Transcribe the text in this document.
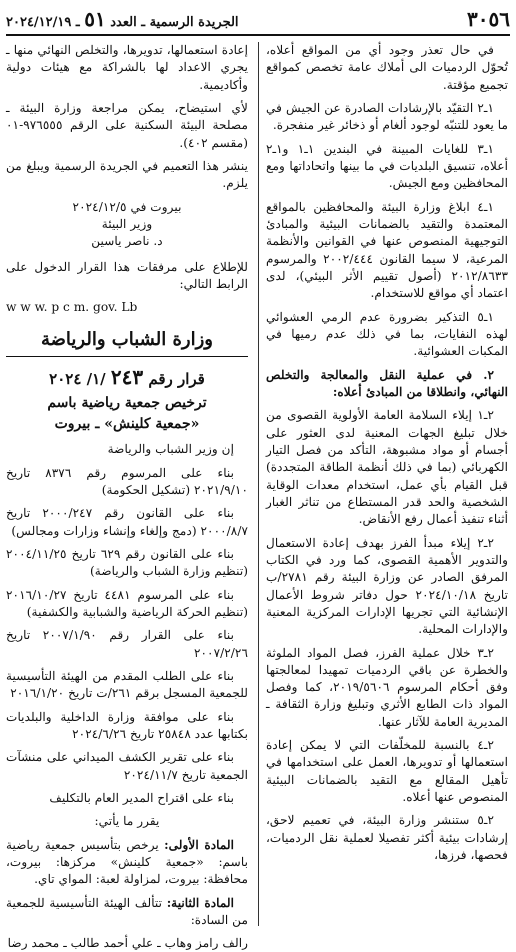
٣٠٥٦
الجريدة الرسمية ـ العدد ٥١ ـ ٢٠٢٤/١٢/١٩

في حال تعذر وجود أي من المواقع أعلاه، تُحوّل الردميات الى أملاك عامة تخصص كمواقع تجميع مؤقتة.

١ـ٢ التقيّد بالإرشادات الصادرة عن الجيش في ما يعود للتنبّه لوجود ألغام أو ذخائر غير منفجرة.

١ـ٣ للغايات المبينة في البندين ١ـ١ و١ـ٢ أعلاه، تنسيق البلديات في ما بينها واتحاداتها ومع المحافظين ومع الجيش.

١ـ٤ ابلاغ وزارة البيئة والمحافظين بالمواقع المعتمدة والتقيد بالضمانات البيئية والمبادئ التوجيهية المنصوص عنها في القوانين والأنظمة المرعية، لا سيما القانون ٢٠٠٢/٤٤٤ والمرسوم ٢٠١٢/٨٦٣٣ (أصول تقييم الأثر البيئي)، لدى اعتماد أي مواقع للاستخدام.

١ـ٥ التذكير بضرورة عدم الرمي العشوائي لهذه النفايات، بما في ذلك عدم رميها في المكبات العشوائية.

٢. في عملية النقل والمعالجة والتخلص النهائي، وانطلاقا من المبادئ أعلاه:

٢ـ١ إيلاء السلامة العامة الأولوية القصوى من خلال تبليغ الجهات المعنية لدى العثور على أجسام أو مواد مشبوهة، التأكد من فصل التيار الكهربائي (بما في ذلك أنظمة الطاقة المتجددة) قبل القيام بأي عمل، استخدام معدات الوقاية الشخصية والحد قدر المستطاع من تناثر الغبار أثناء تنفيذ أعمال رفع الأنقاض.

٢ـ٢ إيلاء مبدأ الفرز بهدف إعادة الاستعمال والتدوير الأهمية القصوى، كما ورد في الكتاب المرفق الصادر عن وزارة البيئة رقم ٢٧٨١/ب تاريخ ٢٠٢٤/١٠/١٨ حول دفاتر شروط الأعمال الإنشائية التي تجريها الإدارات المركزية المعنية والإدارات المحلية.

٢ـ٣ خلال عملية الفرز، فصل المواد الملوثة والخطرة عن باقي الردميات تمهيدا لمعالجتها وفق أحكام المرسوم ٢٠١٩/٥٦٠٦، كما وفصل المواد ذات الطابع الأثري وتبليغ وزارة الثقافة ـ المديرية العامة للآثار عنها.

٢ـ٤ بالنسبة للمخلّفات التي لا يمكن إعادة استعمالها أو تدويرها، العمل على استخدامها في تأهيل المقالع مع التقيد بالضمانات البيئية المنصوص عنها أعلاه.

٢ـ٥ ستنشر وزارة البيئة، في تعميم لاحق، إرشادات بيئية أكثر تفصيلا لعملية نقل الردميات، فحصها، فرزها،

إعادة استعمالها، تدويرها، والتخلص النهائي منها ـ يجري الاعداد لها بالشراكة مع هيئات دولية وأكاديمية.

لأي استيضاح، يمكن مراجعة وزارة البيئة ـ مصلحة البيئة السكنية على الرقم ٩٧٦٥٥٥-٠١ (مقسم ٤٠٢).

ينشر هذا التعميم في الجريدة الرسمية ويبلغ من يلزم.

بيروت في ٢٠٢٤/١٢/٥

وزير البيئة

د. ناصر ياسين

للإطلاع على مرفقات هذا القرار الدخول على الرابط التالي:

w w w. p c m. gov. Lb

وزارة الشباب والرياضة
قرار رقم ٢٤٣ /١/ ٢٠٢٤
ترخيص جمعية رياضية باسم
«جمعية كلينش» ـ بيروت

إن وزير الشباب والرياضة

بناء على المرسوم رقم ٨٣٧٦ تاريخ ٢٠٢١/٩/١٠ (تشكيل الحكومة)

بناء على القانون رقم ٢٠٠٠/٢٤٧ تاريخ ٢٠٠٠/٨/٧ (دمج وإلغاء وإنشاء وزارات ومجالس)

بناء على القانون رقم ٦٢٩ تاريخ ٢٠٠٤/١١/٢٥ (تنظيم وزارة الشباب والرياضة)

بناء على المرسوم ٤٤٨١ تاريخ ٢٠١٦/١٠/٢٧ (تنظيم الحركة الرياضية والشبابية والكشفية)

بناء على القرار رقم ٢٠٠٧/١/٩٠ تاريخ ٢٠٠٧/٢/٢٦

بناء على الطلب المقدم من الهيئة التأسيسية للجمعية المسجل برقم ٢٦١/ت تاريخ ٢٠١٦/١/٢٠

بناء على موافقة وزارة الداخلية والبلديات بكتابها عدد ٢٥٨٤٨ تاريخ ٢٠٢٤/٦/٢٦

بناء على تقرير الكشف الميداني على منشآت الجمعية تاريخ ٢٠٢٤/١١/٧

بناء على اقتراح المدير العام بالتكليف

يقرر ما يأتي:

المادة الأولى: يرخص بتأسيس جمعية رياضية باسم: «جمعية كلينش» مركزها: بيروت، محافظة: بيروت، لمزاولة لعبة: المواي تاي.

المادة الثانية: تتألف الهيئة التأسيسية للجمعية من السادة:

رالف رامز وهاب ـ علي أحمد طالب ـ محمد رضا
